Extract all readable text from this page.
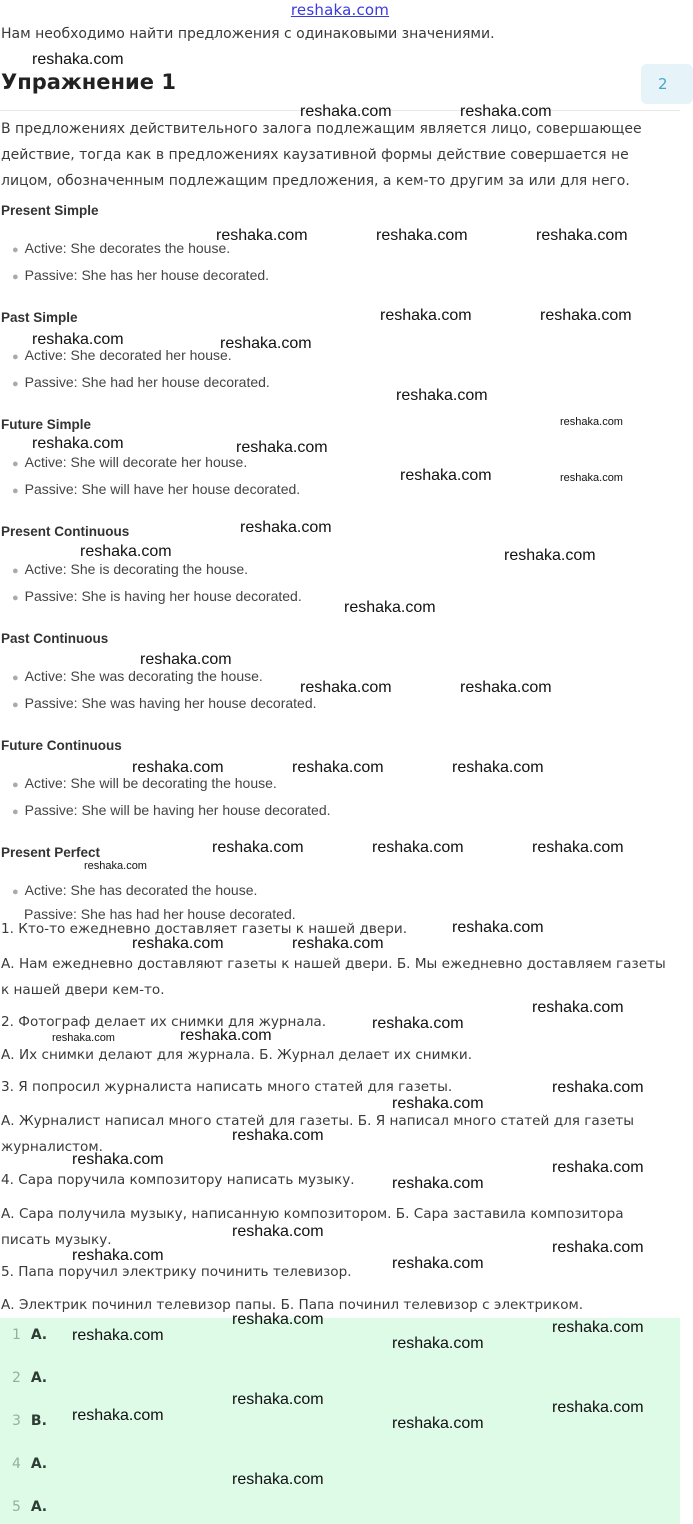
reshaka.com
Нам необходимо найти предложения с одинаковыми значениями.
Упражнение 1	2

В предложениях действительного залога подлежащим является лицо, совершающее действие, тогда как в предложениях каузативной формы действие совершается не лицом, обозначенным подлежащим предложения, а кем-то другим за или для него.

Present Simple
● Active: She decorates the house.
● Passive: She has her house decorated.
Past Simple
● Active: She decorated her house.
● Passive: She had her house decorated.
Future Simple
● Active: She will decorate her house.
● Passive: She will have her house decorated.
Present Continuous
● Active: She is decorating the house.
● Passive: She is having her house decorated.
Past Continuous
● Active: She was decorating the house.
● Passive: She was having her house decorated.
Future Continuous
● Active: She will be decorating the house.
● Passive: She will be having her house decorated.
Present Perfect
● Active: She has decorated the house.
Passive: She has had her house decorated.
1. Кто-то ежедневно доставляет газеты к нашей двери.

А. Нам ежедневно доставляют газеты к нашей двери. Б. Мы ежедневно доставляем газеты к нашей двери кем-то.

2. Фотограф делает их снимки для журнала.

А. Их снимки делают для журнала. Б. Журнал делает их снимки.

3. Я попросил журналиста написать много статей для газеты.

А. Журналист написал много статей для газеты. Б. Я написал много статей для газеты журналистом.

4. Сара поручила композитору написать музыку.

А. Сара получила музыку, написанную композитором. Б. Сара заставила композитора писать музыку.

5. Папа поручил электрику починить телевизор.

А. Электрик починил телевизор папы. Б. Папа починил телевизор с электриком.

1 А.
2 А.
3 В.
4 А.
5 А.
reshaka.com
reshaka.com	reshaka.com
reshaka.com	reshaka.com	reshaka.com
reshaka.com	reshaka.com
reshaka.com	reshaka.com
reshaka.com
reshaka.com
reshaka.com	reshaka.com
reshaka.com	reshaka.com
reshaka.com
reshaka.com	reshaka.com
reshaka.com
reshaka.com
reshaka.com	reshaka.com
reshaka.com	reshaka.com	reshaka.com
reshaka.com	reshaka.com	reshaka.com
reshaka.com
reshaka.com
reshaka.com	reshaka.com
reshaka.com
reshaka.com
reshaka.com	reshaka.com
reshaka.com
reshaka.com
reshaka.com
reshaka.com	reshaka.com
reshaka.com
reshaka.com
reshaka.com
reshaka.com	reshaka.com
reshaka.com	reshaka.com
reshaka.com	reshaka.com
reshaka.com	reshaka.com
reshaka.com	reshaka.com
reshaka.com
